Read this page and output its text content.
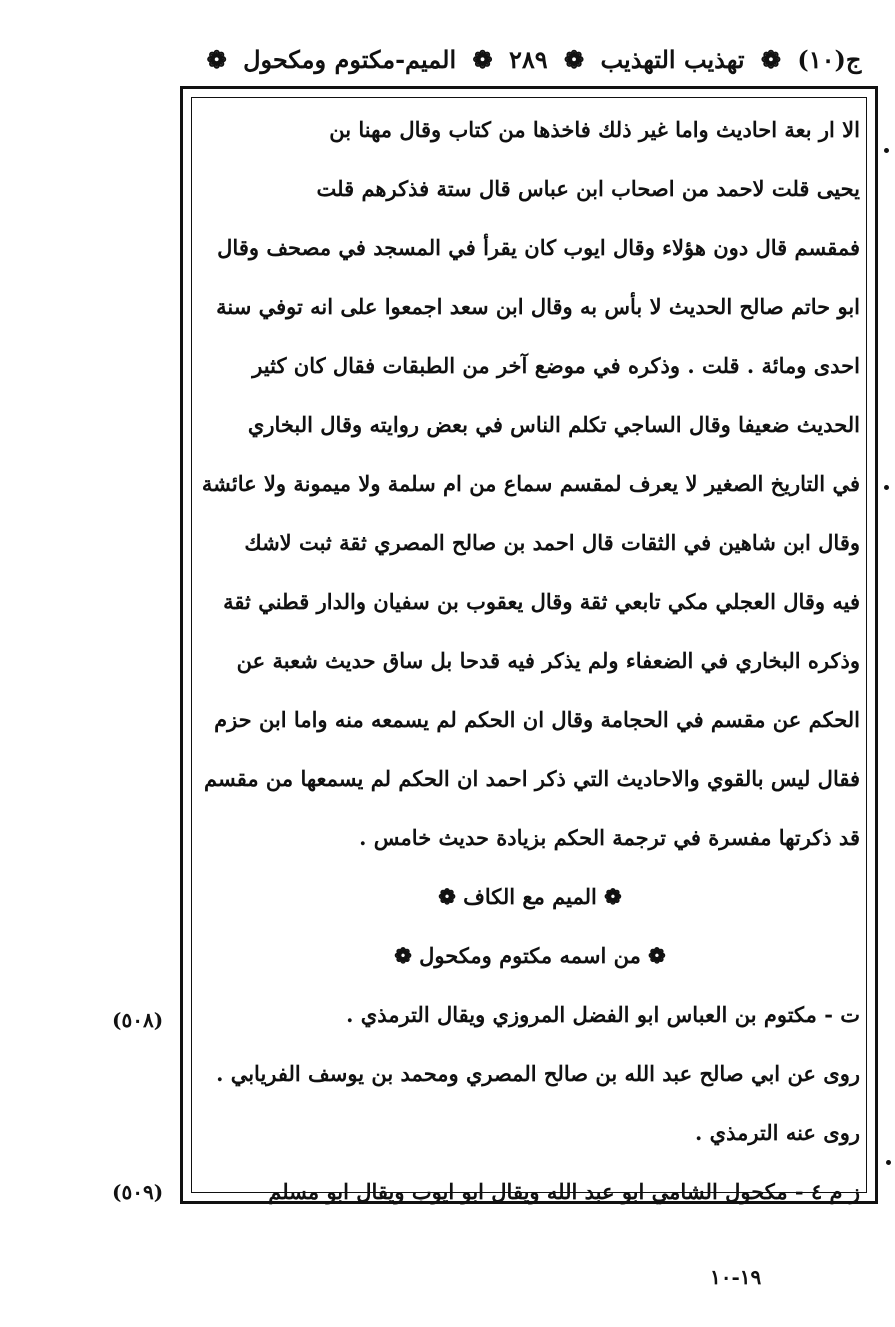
ج(١٠) ❁ تهذيب التهذيب ❁ ٢٨٩ ❁ الميم-مكتوم ومكحول ❁
الا ار بعة احاديث واما غير ذلك فاخذها من كتاب وقال مهنا بن
يحيى قلت لاحمد من اصحاب ابن عباس قال ستة فذكرهم قلت
فمقسم قال دون هؤلاء وقال ايوب كان يقرأ في المسجد في مصحف وقال
ابو حاتم صالح الحديث لا بأس به وقال ابن سعد اجمعوا على انه توفي سنة
احدى ومائة . قلت . وذكره في موضع آخر من الطبقات فقال كان كثير
الحديث ضعيفا وقال الساجي تكلم الناس في بعض روايته وقال البخاري
في التاريخ الصغير لا يعرف لمقسم سماع من ام سلمة ولا ميمونة ولا عائشة
وقال ابن شاهين في الثقات قال احمد بن صالح المصري ثقة ثبت لاشك
فيه وقال العجلي مكي تابعي ثقة وقال يعقوب بن سفيان والدار قطني ثقة
وذكره البخاري في الضعفاء ولم يذكر فيه قدحا بل ساق حديث شعبة عن
الحكم عن مقسم في الحجامة وقال ان الحكم لم يسمعه منه واما ابن حزم
فقال ليس بالقوي والاحاديث التي ذكر احمد ان الحكم لم يسمعها من مقسم
قد ذكرتها مفسرة في ترجمة الحكم بزيادة حديث خامس .
❁ الميم مع الكاف ❁
❁ من اسمه مكتوم ومكحول ❁
ت - مكتوم بن العباس ابو الفضل المروزي ويقال الترمذي .
روى عن ابي صالح عبد الله بن صالح المصري ومحمد بن يوسف الفريابي .
روى عنه الترمذي .
ز م ٤ - مكحول الشامي ابو عبد الله ويقال ابو ايوب ويقال ابو مسلم
(٥٠٨)
(٥٠٩)
١٩-١٠
